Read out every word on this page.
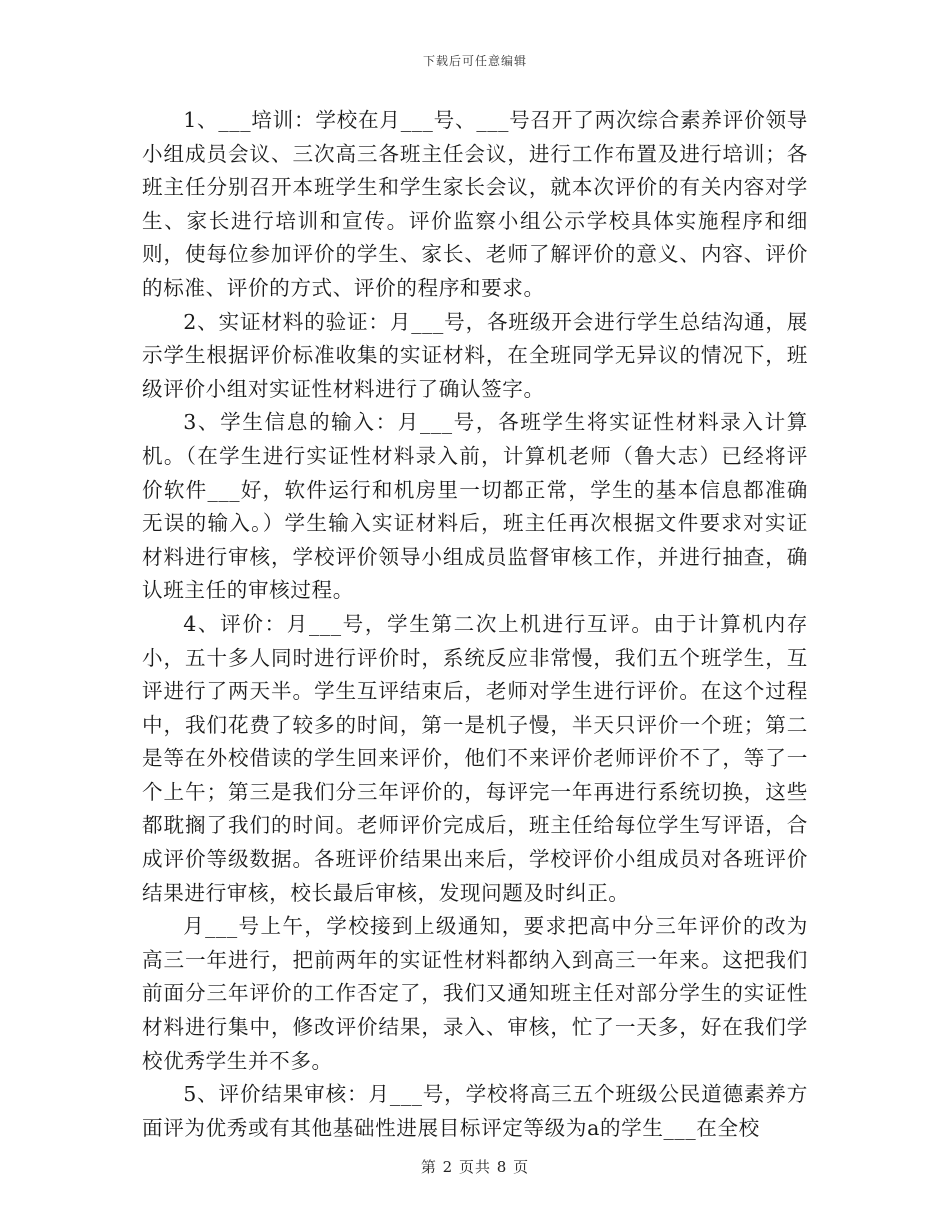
下载后可任意编辑

1、___培训：学校在月___号、___号召开了两次综合素养评价领导小组成员会议、三次高三各班主任会议，进行工作布置及进行培训；各班主任分别召开本班学生和学生家长会议，就本次评价的有关内容对学生、家长进行培训和宣传。评价监察小组公示学校具体实施程序和细则，使每位参加评价的学生、家长、老师了解评价的意义、内容、评价的标准、评价的方式、评价的程序和要求。

2、实证材料的验证：月___号，各班级开会进行学生总结沟通，展示学生根据评价标准收集的实证材料，在全班同学无异议的情况下，班级评价小组对实证性材料进行了确认签字。

3、学生信息的输入：月___号，各班学生将实证性材料录入计算机。（在学生进行实证性材料录入前，计算机老师（鲁大志）已经将评价软件___好，软件运行和机房里一切都正常，学生的基本信息都准确无误的输入。）学生输入实证材料后，班主任再次根据文件要求对实证材料进行审核，学校评价领导小组成员监督审核工作，并进行抽查，确认班主任的审核过程。

4、评价：月___号，学生第二次上机进行互评。由于计算机内存小，五十多人同时进行评价时，系统反应非常慢，我们五个班学生，互评进行了两天半。学生互评结束后，老师对学生进行评价。在这个过程中，我们花费了较多的时间，第一是机子慢，半天只评价一个班；第二是等在外校借读的学生回来评价，他们不来评价老师评价不了，等了一个上午；第三是我们分三年评价的，每评完一年再进行系统切换，这些都耽搁了我们的时间。老师评价完成后，班主任给每位学生写评语，合成评价等级数据。各班评价结果出来后，学校评价小组成员对各班评价结果进行审核，校长最后审核，发现问题及时纠正。

月___号上午，学校接到上级通知，要求把高中分三年评价的改为高三一年进行，把前两年的实证性材料都纳入到高三一年来。这把我们前面分三年评价的工作否定了，我们又通知班主任对部分学生的实证性材料进行集中，修改评价结果，录入、审核，忙了一天多，好在我们学校优秀学生并不多。

5、评价结果审核：月___号，学校将高三五个班级公民道德素养方面评为优秀或有其他基础性进展目标评定等级为a的学生___在全校

第 2 页共 8 页
